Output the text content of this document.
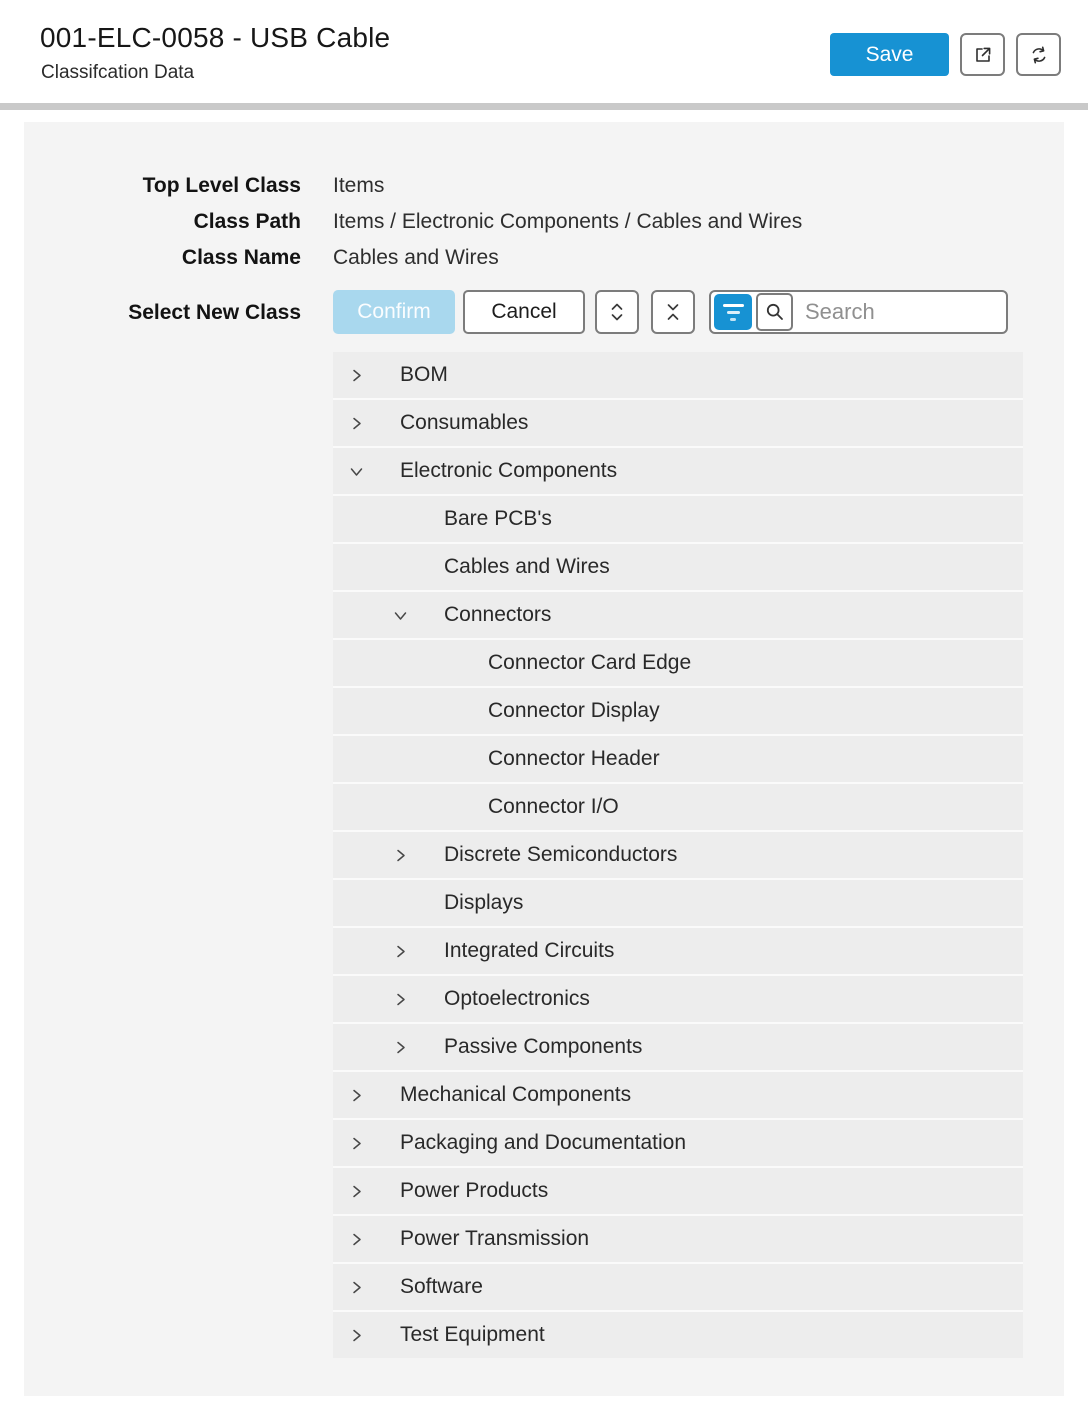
001-ELC-0058 - USB Cable
Classifcation Data
Save
Top Level Class Items
Class Path Items / Electronic Components / Cables and Wires
Class Name Cables and Wires
Select New Class	Confirm	Cancel
Search
BOM
Consumables
Electronic Components
Bare PCB's
Cables and Wires
Connectors
Connector Card Edge
Connector Display
Connector Header
Connector I/O
Discrete Semiconductors
Displays
Integrated Circuits
Optoelectronics
Passive Components
Mechanical Components
Packaging and Documentation
Power Products
Power Transmission
Software
Test Equipment
